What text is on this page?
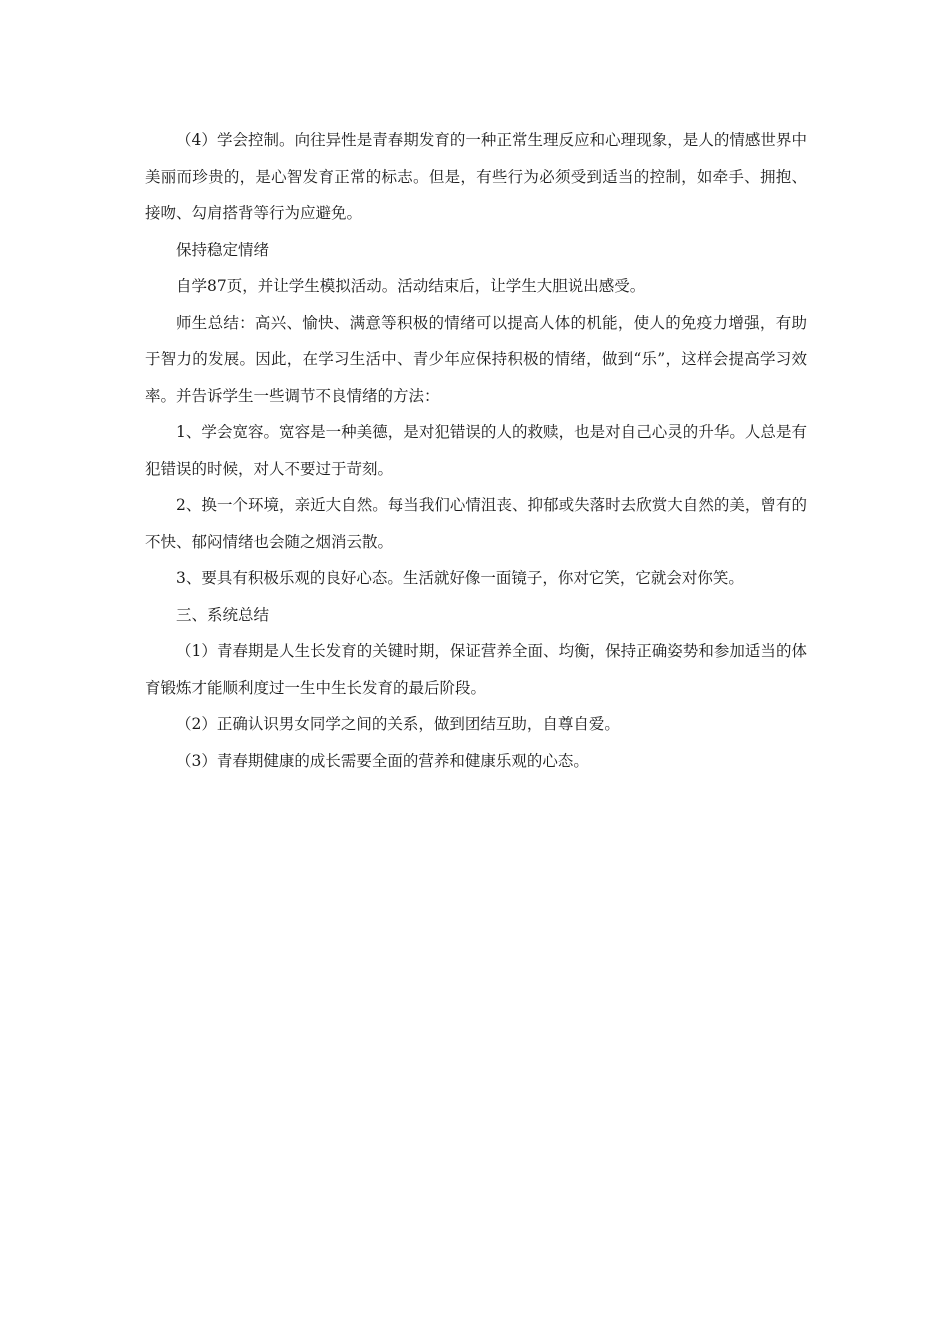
（4）学会控制。向往异性是青春期发育的一种正常生理反应和心理现象，是人的情感世界中美丽而珍贵的，是心智发育正常的标志。但是，有些行为必须受到适当的控制，如牵手、拥抱、接吻、勾肩搭背等行为应避免。

保持稳定情绪

自学87页，并让学生模拟活动。活动结束后，让学生大胆说出感受。

师生总结：高兴、愉快、满意等积极的情绪可以提高人体的机能，使人的免疫力增强，有助于智力的发展。因此，在学习生活中、青少年应保持积极的情绪，做到“乐”，这样会提高学习效率。并告诉学生一些调节不良情绪的方法：

1、学会宽容。宽容是一种美德，是对犯错误的人的救赎，也是对自己心灵的升华。人总是有犯错误的时候，对人不要过于苛刻。

2、换一个环境，亲近大自然。每当我们心情沮丧、抑郁或失落时去欣赏大自然的美，曾有的不快、郁闷情绪也会随之烟消云散。

3、要具有积极乐观的良好心态。生活就好像一面镜子，你对它笑，它就会对你笑。

三、系统总结

（1）青春期是人生长发育的关键时期，保证营养全面、均衡，保持正确姿势和参加适当的体育锻炼才能顺利度过一生中生长发育的最后阶段。

（2）正确认识男女同学之间的关系，做到团结互助，自尊自爱。

（3）青春期健康的成长需要全面的营养和健康乐观的心态。
